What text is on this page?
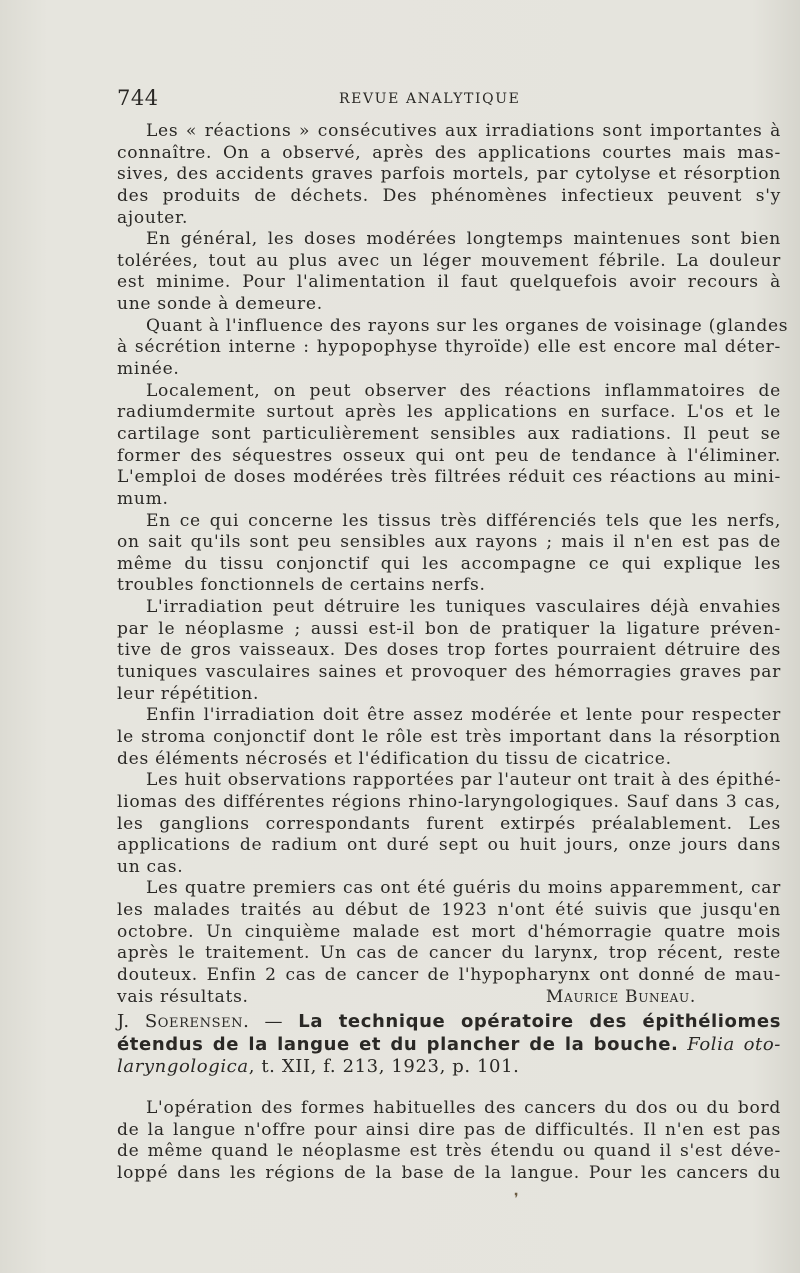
744	REVUE ANALYTIQUE
Les « réactions » consécutives aux irradiations sont importantes à
connaître. On a observé, après des applications courtes mais mas-
sives, des accidents graves parfois mortels, par cytolyse et résorption
des produits de déchets. Des phénomènes infectieux peuvent s'y
ajouter.
En général, les doses modérées longtemps maintenues sont bien
tolérées, tout au plus avec un léger mouvement fébrile. La douleur
est minime. Pour l'alimentation il faut quelquefois avoir recours à
une sonde à demeure.
Quant à l'influence des rayons sur les organes de voisinage (glandes
à sécrétion interne : hypopophyse thyroïde) elle est encore mal déter-
minée.
Localement, on peut observer des réactions inflammatoires de
radiumdermite surtout après les applications en surface. L'os et le
cartilage sont particulièrement sensibles aux radiations. Il peut se
former des séquestres osseux qui ont peu de tendance à l'éliminer.
L'emploi de doses modérées très filtrées réduit ces réactions au mini-
mum.
En ce qui concerne les tissus très différenciés tels que les nerfs,
on sait qu'ils sont peu sensibles aux rayons ; mais il n'en est pas de
même du tissu conjonctif qui les accompagne ce qui explique les
troubles fonctionnels de certains nerfs.
L'irradiation peut détruire les tuniques vasculaires déjà envahies
par le néoplasme ; aussi est-il bon de pratiquer la ligature préven-
tive de gros vaisseaux. Des doses trop fortes pourraient détruire des
tuniques vasculaires saines et provoquer des hémorragies graves par
leur répétition.
Enfin l'irradiation doit être assez modérée et lente pour respecter
le stroma conjonctif dont le rôle est très important dans la résorption
des éléments nécrosés et l'édification du tissu de cicatrice.
Les huit observations rapportées par l'auteur ont trait à des épithé-
liomas des différentes régions rhino-laryngologiques. Sauf dans 3 cas,
les ganglions correspondants furent extirpés préalablement. Les
applications de radium ont duré sept ou huit jours, onze jours dans
un cas.
Les quatre premiers cas ont été guéris du moins apparemment, car
les malades traités au début de 1923 n'ont été suivis que jusqu'en
octobre. Un cinquième malade est mort d'hémorragie quatre mois
après le traitement. Un cas de cancer du larynx, trop récent, reste
douteux. Enfin 2 cas de cancer de l'hypopharynx ont donné de mau-
vais résultats.	Maurice Buneau.
J. Soerensen. — La technique opératoire des épithéliomes
étendus de la langue et du plancher de la bouche. Folia oto-
laryngologica, t. XII, f. 213, 1923, p. 101.
L'opération des formes habituelles des cancers du dos ou du bord
de la langue n'offre pour ainsi dire pas de difficultés. Il n'en est pas
de même quand le néoplasme est très étendu ou quand il s'est déve-
loppé dans les régions de la base de la langue. Pour les cancers du
❜
